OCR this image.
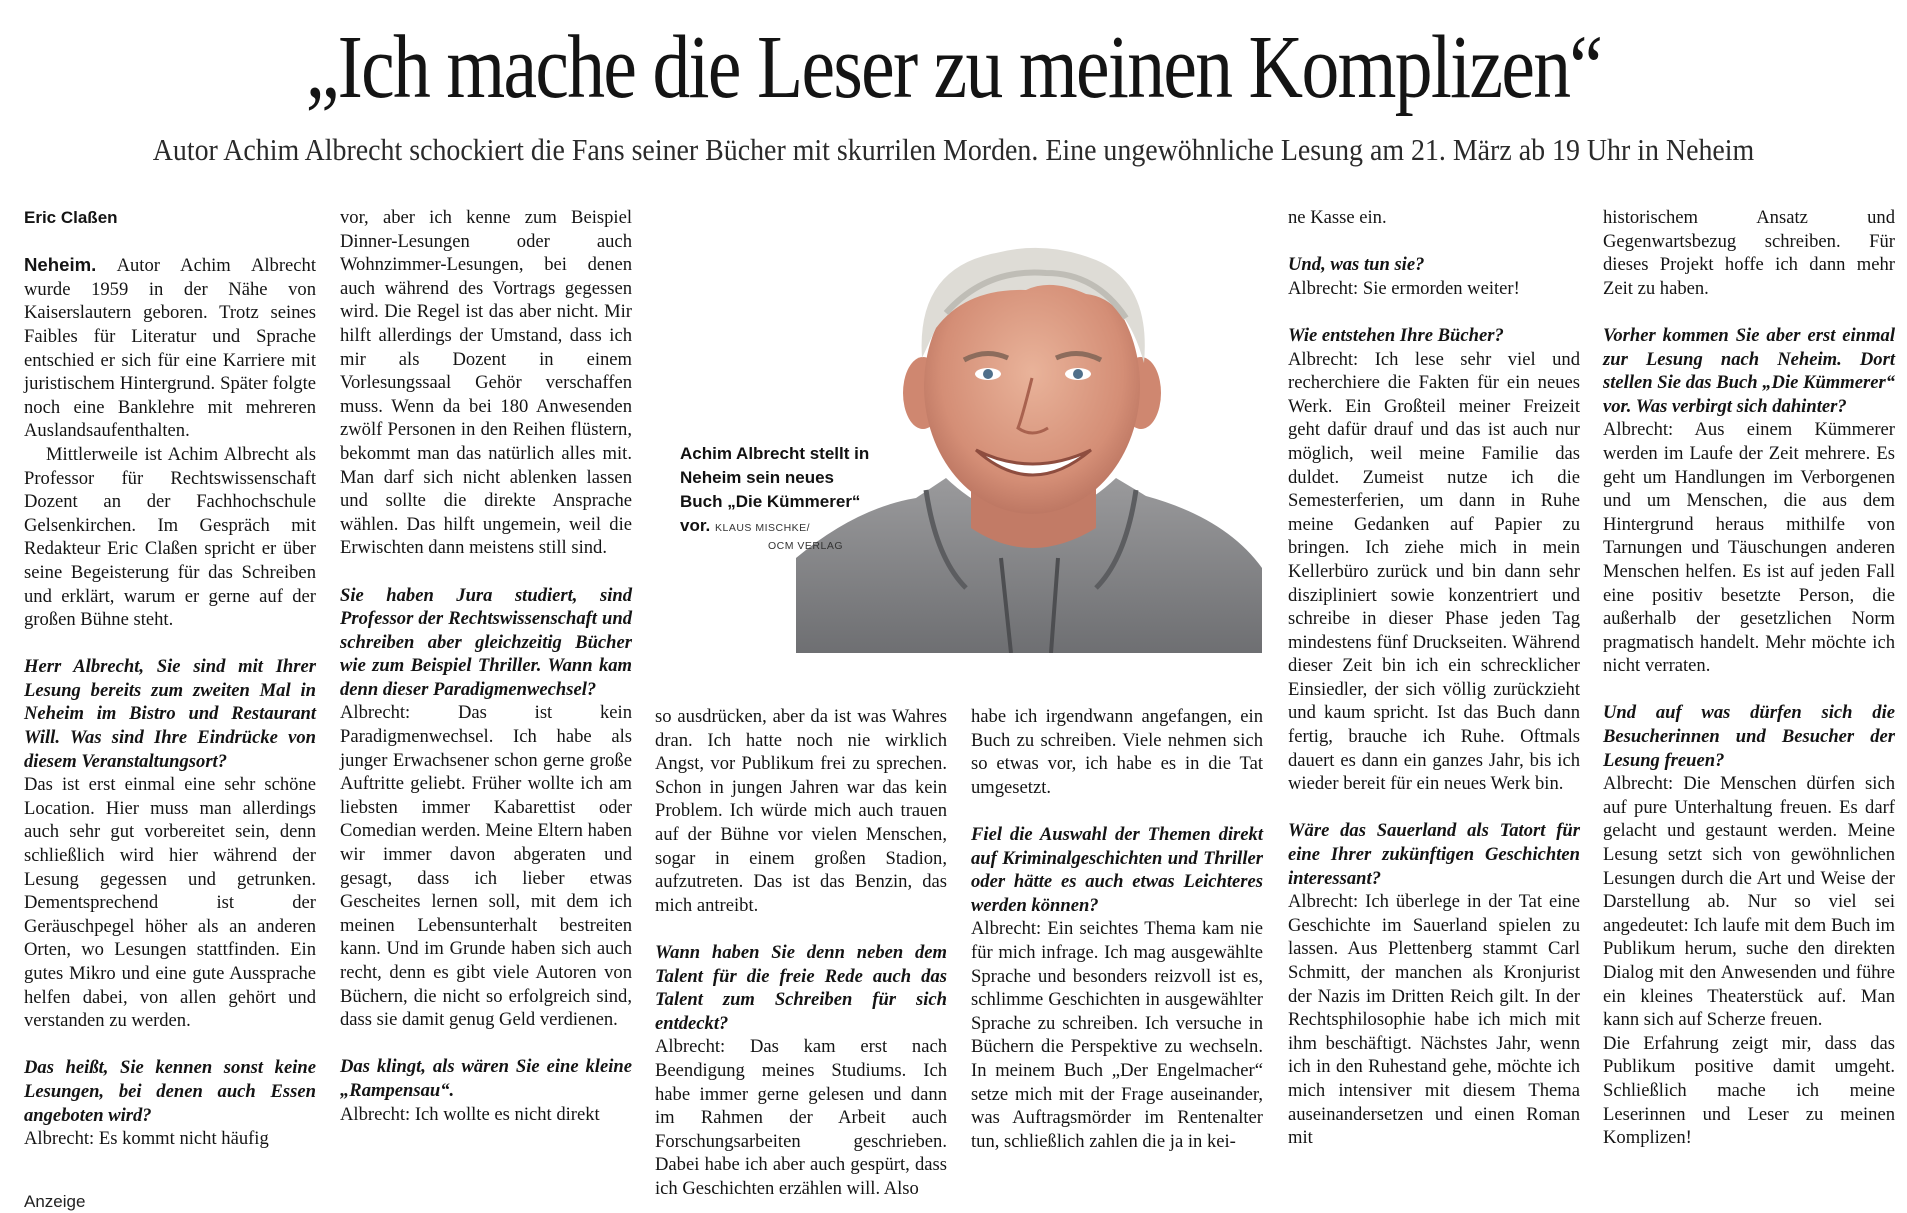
„Ich mache die Leser zu meinen Komplizen“

Autor Achim Albrecht schockiert die Fans seiner Bücher mit skurrilen Morden. Eine ungewöhnliche Lesung am 21. März ab 19 Uhr in Neheim

Eric Claßen

Neheim. Autor Achim Albrecht wurde 1959 in der Nähe von Kaiserslautern geboren. Trotz seines Faibles für Literatur und Sprache entschied er sich für eine Karriere mit juristischem Hintergrund. Später folgte noch eine Banklehre mit mehreren Auslandsaufenthalten.

Mittlerweile ist Achim Albrecht als Professor für Rechtswissenschaft Dozent an der Fachhochschule Gelsenkirchen. Im Gespräch mit Redakteur Eric Claßen spricht er über seine Begeisterung für das Schreiben und erklärt, warum er gerne auf der großen Bühne steht.

Herr Albrecht, Sie sind mit Ihrer Lesung bereits zum zweiten Mal in Neheim im Bistro und Restaurant Will. Was sind Ihre Eindrücke von diesem Veranstaltungsort?

Das ist erst einmal eine sehr schöne Location. Hier muss man allerdings auch sehr gut vorbereitet sein, denn schließlich wird hier während der Lesung gegessen und getrunken. Dementsprechend ist der Geräuschpegel höher als an anderen Orten, wo Lesungen stattfinden. Ein gutes Mikro und eine gute Aussprache helfen dabei, von allen gehört und verstanden zu werden.

Das heißt, Sie kennen sonst keine Lesungen, bei denen auch Essen angeboten wird?

Albrecht: Es kommt nicht häufig

vor, aber ich kenne zum Beispiel Dinner-Lesungen oder auch Wohnzimmer-Lesungen, bei denen auch während des Vortrags gegessen wird. Die Regel ist das aber nicht. Mir hilft allerdings der Umstand, dass ich mir als Dozent in einem Vorlesungssaal Gehör verschaffen muss. Wenn da bei 180 Anwesenden zwölf Personen in den Reihen flüstern, bekommt man das natürlich alles mit. Man darf sich nicht ablenken lassen und sollte die direkte Ansprache wählen. Das hilft ungemein, weil die Erwischten dann meistens still sind.

Sie haben Jura studiert, sind Professor der Rechtswissenschaft und schreiben aber gleichzeitig Bücher wie zum Beispiel Thriller. Wann kam denn dieser Paradigmenwechsel?

Albrecht: Das ist kein Paradigmenwechsel. Ich habe als junger Erwachsener schon gerne große Auftritte geliebt. Früher wollte ich am liebsten immer Kabarettist oder Comedian werden. Meine Eltern haben wir immer davon abgeraten und gesagt, dass ich lieber etwas Gescheites lernen soll, mit dem ich meinen Lebensunterhalt bestreiten kann. Und im Grunde haben sich auch recht, denn es gibt viele Autoren von Büchern, die nicht so erfolgreich sind, dass sie damit genug Geld verdienen.

Das klingt, als wären Sie eine kleine „Rampensau“.

Albrecht: Ich wollte es nicht direkt

Achim Albrecht stellt in Neheim sein neues Buch „Die Kümmerer“ vor. KLAUS MISCHKE/
OCM VERLAG

so ausdrücken, aber da ist was Wahres dran. Ich hatte noch nie wirklich Angst, vor Publikum frei zu sprechen. Schon in jungen Jahren war das kein Problem. Ich würde mich auch trauen auf der Bühne vor vielen Menschen, sogar in einem großen Stadion, aufzutreten. Das ist das Benzin, das mich antreibt.

Wann haben Sie denn neben dem Talent für die freie Rede auch das Talent zum Schreiben für sich entdeckt?

Albrecht: Das kam erst nach Beendigung meines Studiums. Ich habe immer gerne gelesen und dann im Rahmen der Arbeit auch Forschungsarbeiten geschrieben. Dabei habe ich aber auch gespürt, dass ich Geschichten erzählen will. Also

habe ich irgendwann angefangen, ein Buch zu schreiben. Viele nehmen sich so etwas vor, ich habe es in die Tat umgesetzt.

Fiel die Auswahl der Themen direkt auf Kriminalgeschichten und Thriller oder hätte es auch etwas Leichteres werden können?

Albrecht: Ein seichtes Thema kam nie für mich infrage. Ich mag ausgewählte Sprache und besonders reizvoll ist es, schlimme Geschichten in ausgewählter Sprache zu schreiben. Ich versuche in Büchern die Perspektive zu wechseln. In meinem Buch „Der Engelmacher“ setze mich mit der Frage auseinander, was Auftragsmörder im Rentenalter tun, schließlich zahlen die ja in kei-

ne Kasse ein.

Und, was tun sie?

Albrecht: Sie ermorden weiter!

Wie entstehen Ihre Bücher?

Albrecht: Ich lese sehr viel und recherchiere die Fakten für ein neues Werk. Ein Großteil meiner Freizeit geht dafür drauf und das ist auch nur möglich, weil meine Familie das duldet. Zumeist nutze ich die Semesterferien, um dann in Ruhe meine Gedanken auf Papier zu bringen. Ich ziehe mich in mein Kellerbüro zurück und bin dann sehr diszipliniert sowie konzentriert und schreibe in dieser Phase jeden Tag mindestens fünf Druckseiten. Während dieser Zeit bin ich ein schrecklicher Einsiedler, der sich völlig zurückzieht und kaum spricht. Ist das Buch dann fertig, brauche ich Ruhe. Oftmals dauert es dann ein ganzes Jahr, bis ich wieder bereit für ein neues Werk bin.

Wäre das Sauerland als Tatort für eine Ihrer zukünftigen Geschichten interessant?

Albrecht: Ich überlege in der Tat eine Geschichte im Sauerland spielen zu lassen. Aus Plettenberg stammt Carl Schmitt, der manchen als Kronjurist der Nazis im Dritten Reich gilt. In der Rechtsphilosophie habe ich mich mit ihm beschäftigt. Nächstes Jahr, wenn ich in den Ruhestand gehe, möchte ich mich intensiver mit diesem Thema auseinandersetzen und einen Roman mit

historischem Ansatz und Gegenwartsbezug schreiben. Für dieses Projekt hoffe ich dann mehr Zeit zu haben.

Vorher kommen Sie aber erst einmal zur Lesung nach Neheim. Dort stellen Sie das Buch „Die Kümmerer“ vor. Was verbirgt sich dahinter?

Albrecht: Aus einem Kümmerer werden im Laufe der Zeit mehrere. Es geht um Handlungen im Verborgenen und um Menschen, die aus dem Hintergrund heraus mithilfe von Tarnungen und Täuschungen anderen Menschen helfen. Es ist auf jeden Fall eine positiv besetzte Person, die außerhalb der gesetzlichen Norm pragmatisch handelt. Mehr möchte ich nicht verraten.

Und auf was dürfen sich die Besucherinnen und Besucher der Lesung freuen?

Albrecht: Die Menschen dürfen sich auf pure Unterhaltung freuen. Es darf gelacht und gestaunt werden. Meine Lesung setzt sich von gewöhnlichen Lesungen durch die Art und Weise der Darstellung ab. Nur so viel sei angedeutet: Ich laufe mit dem Buch im Publikum herum, suche den direkten Dialog mit den Anwesenden und führe ein kleines Theaterstück auf. Man kann sich auf Scherze freuen.

Die Erfahrung zeigt mir, dass das Publikum positive damit umgeht. Schließlich mache ich meine Leserinnen und Leser zu meinen Komplizen!

Anzeige
